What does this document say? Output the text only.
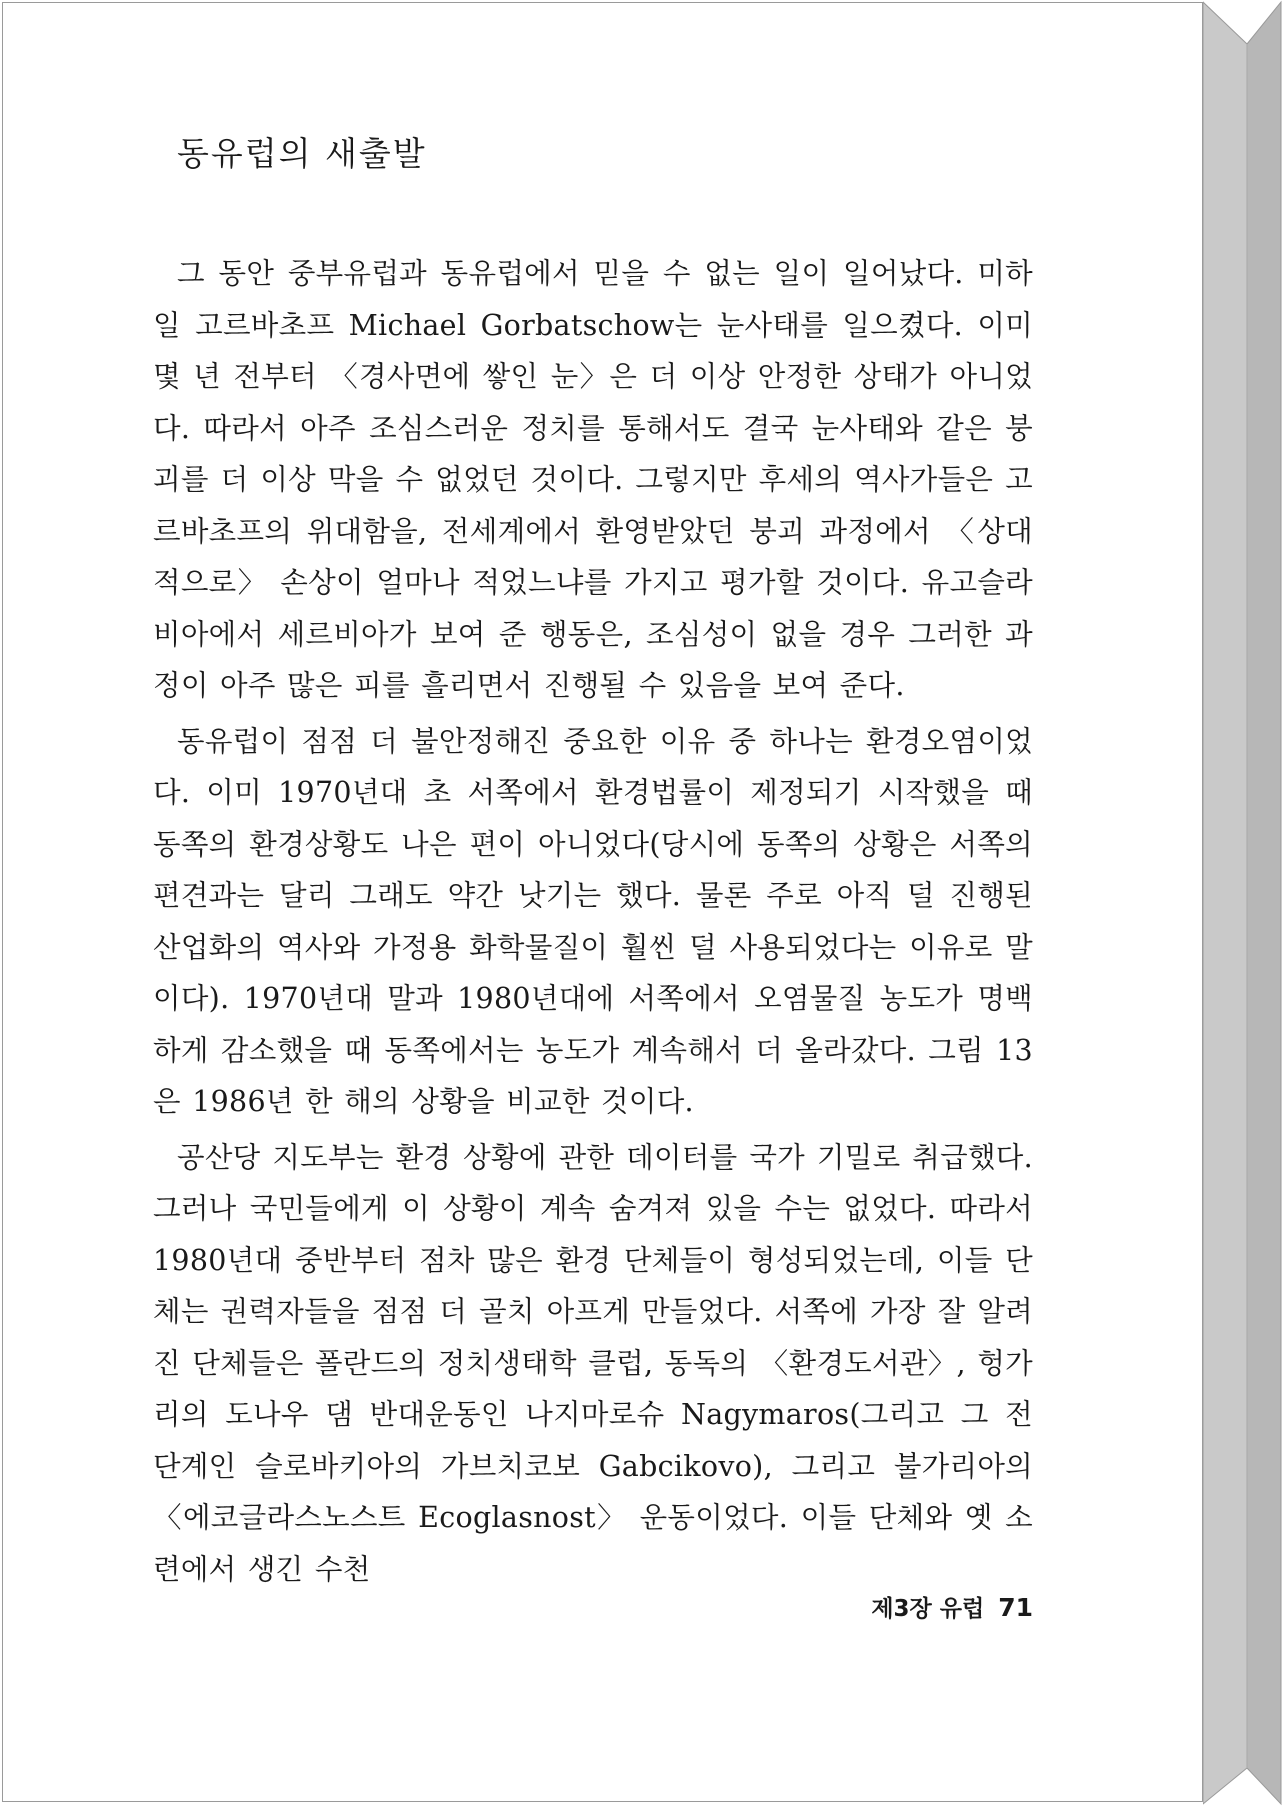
동유럽의 새출발

그 동안 중부유럽과 동유럽에서 믿을 수 없는 일이 일어났다. 미하일 고르바초프 Michael Gorbatschow는 눈사태를 일으켰다. 이미 몇 년 전부터 〈경사면에 쌓인 눈〉은 더 이상 안정한 상태가 아니었다. 따라서 아주 조심스러운 정치를 통해서도 결국 눈사태와 같은 붕괴를 더 이상 막을 수 없었던 것이다. 그렇지만 후세의 역사가들은 고르바초프의 위대함을, 전세계에서 환영받았던 붕괴 과정에서 〈상대적으로〉 손상이 얼마나 적었느냐를 가지고 평가할 것이다. 유고슬라비아에서 세르비아가 보여 준 행동은, 조심성이 없을 경우 그러한 과정이 아주 많은 피를 흘리면서 진행될 수 있음을 보여 준다.

동유럽이 점점 더 불안정해진 중요한 이유 중 하나는 환경오염이었다. 이미 1970년대 초 서쪽에서 환경법률이 제정되기 시작했을 때 동쪽의 환경상황도 나은 편이 아니었다(당시에 동쪽의 상황은 서쪽의 편견과는 달리 그래도 약간 낫기는 했다. 물론 주로 아직 덜 진행된 산업화의 역사와 가정용 화학물질이 훨씬 덜 사용되었다는 이유로 말이다). 1970년대 말과 1980년대에 서쪽에서 오염물질 농도가 명백하게 감소했을 때 동쪽에서는 농도가 계속해서 더 올라갔다. 그림 13은 1986년 한 해의 상황을 비교한 것이다.

공산당 지도부는 환경 상황에 관한 데이터를 국가 기밀로 취급했다. 그러나 국민들에게 이 상황이 계속 숨겨져 있을 수는 없었다. 따라서 1980년대 중반부터 점차 많은 환경 단체들이 형성되었는데, 이들 단체는 권력자들을 점점 더 골치 아프게 만들었다. 서쪽에 가장 잘 알려진 단체들은 폴란드의 정치생태학 클럽, 동독의 〈환경도서관〉, 헝가리의 도나우 댐 반대운동인 나지마로슈 Nagymaros(그리고 그 전 단계인 슬로바키아의 가브치코보 Gabcikovo), 그리고 불가리아의 〈에코글라스노스트 Ecoglasnost〉 운동이었다. 이들 단체와 옛 소련에서 생긴 수천

제3장 유럽 71
